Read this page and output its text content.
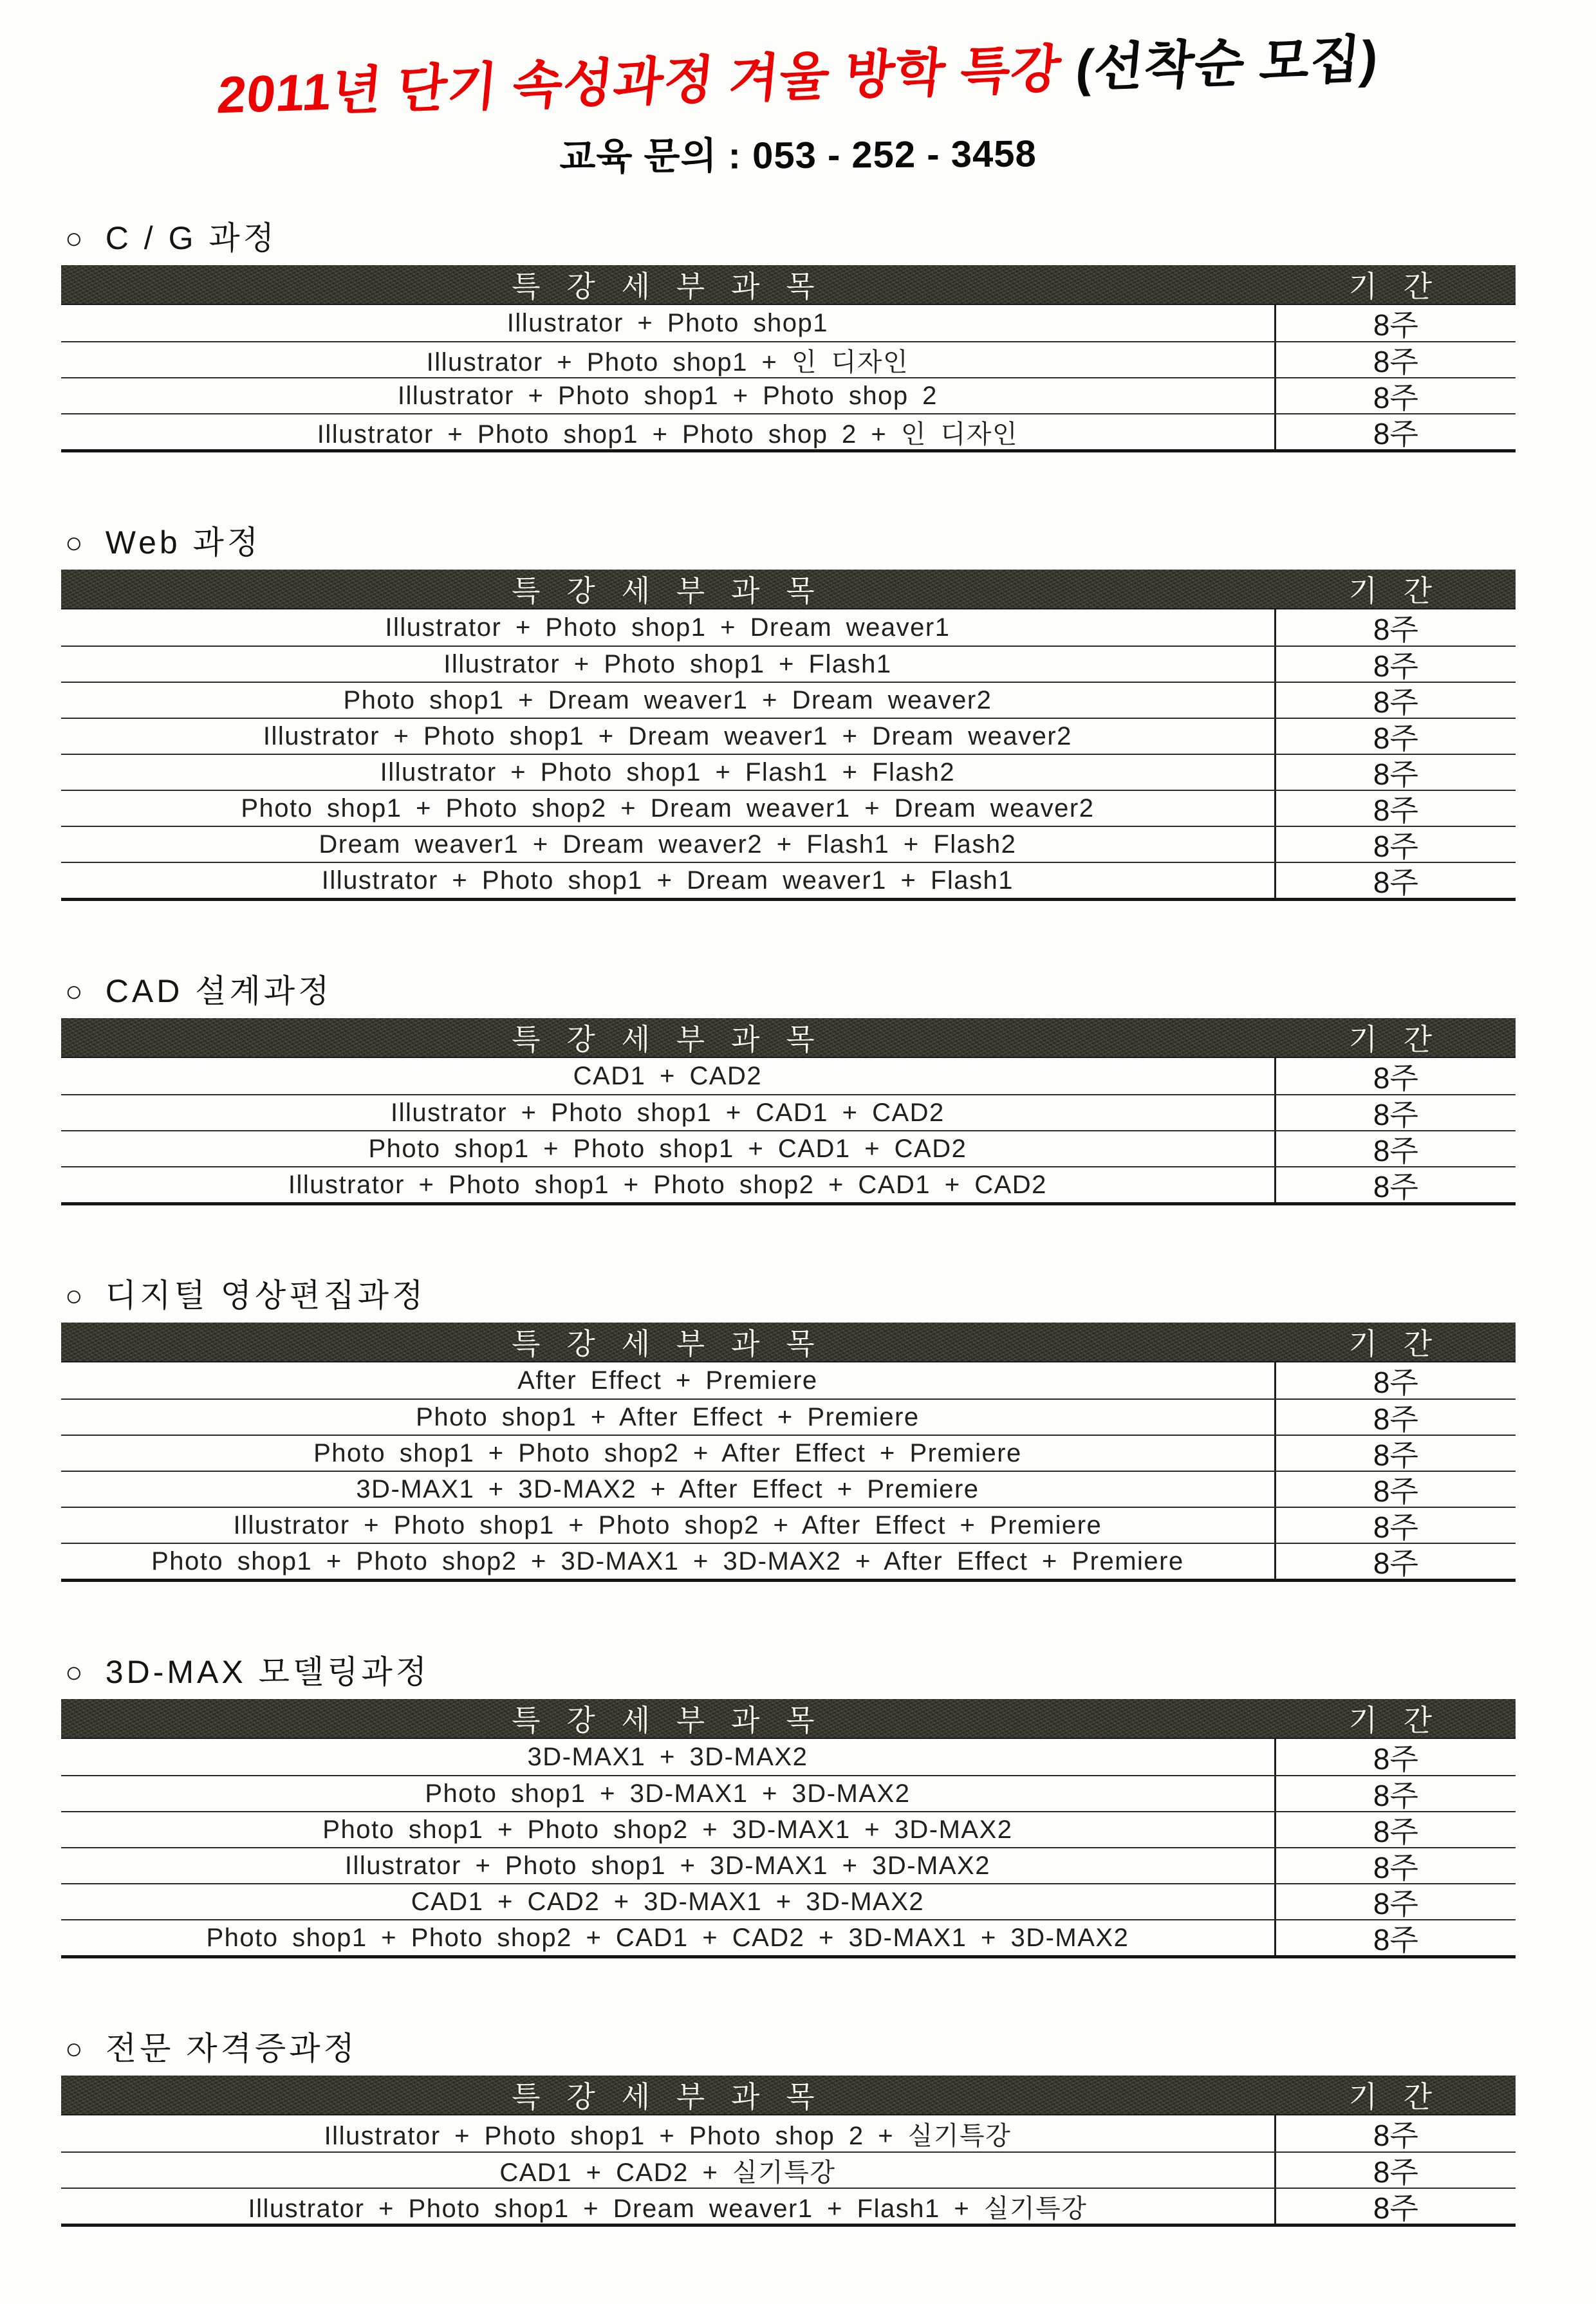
2011년 단기 속성과정 겨울 방학 특강 (선착순 모집)
교육 문의 : 053 - 252 - 3458
○ C / G 과정
특 강 세 부 과 목	기 간
Illustrator + Photo shop1	8주
Illustrator + Photo shop1 + 인 디자인	8주
Illustrator + Photo shop1 + Photo shop 2	8주
Illustrator + Photo shop1 + Photo shop 2 + 인 디자인	8주
○ Web 과정
특 강 세 부 과 목	기 간
Illustrator + Photo shop1 + Dream weaver1	8주
Illustrator + Photo shop1 + Flash1	8주
Photo shop1 + Dream weaver1 + Dream weaver2	8주
Illustrator + Photo shop1 + Dream weaver1 + Dream weaver2	8주
Illustrator + Photo shop1 + Flash1 + Flash2	8주
Photo shop1 + Photo shop2 + Dream weaver1 + Dream weaver2	8주
Dream weaver1 + Dream weaver2 + Flash1 + Flash2	8주
Illustrator + Photo shop1 + Dream weaver1 + Flash1	8주
○ CAD 설계과정
특 강 세 부 과 목	기 간
CAD1 + CAD2	8주
Illustrator + Photo shop1 + CAD1 + CAD2	8주
Photo shop1 + Photo shop1 + CAD1 + CAD2	8주
Illustrator + Photo shop1 + Photo shop2 + CAD1 + CAD2	8주
○ 디지털 영상편집과정
특 강 세 부 과 목	기 간
After Effect + Premiere	8주
Photo shop1 + After Effect + Premiere	8주
Photo shop1 + Photo shop2 + After Effect + Premiere	8주
3D-MAX1 + 3D-MAX2 + After Effect + Premiere	8주
Illustrator + Photo shop1 + Photo shop2 + After Effect + Premiere	8주
Photo shop1 + Photo shop2 + 3D-MAX1 + 3D-MAX2 + After Effect + Premiere	8주
○ 3D-MAX 모델링과정
특 강 세 부 과 목	기 간
3D-MAX1 + 3D-MAX2	8주
Photo shop1 + 3D-MAX1 + 3D-MAX2	8주
Photo shop1 + Photo shop2 + 3D-MAX1 + 3D-MAX2	8주
Illustrator + Photo shop1 + 3D-MAX1 + 3D-MAX2	8주
CAD1 + CAD2 + 3D-MAX1 + 3D-MAX2	8주
Photo shop1 + Photo shop2 + CAD1 + CAD2 + 3D-MAX1 + 3D-MAX2	8주
○ 전문 자격증과정
특 강 세 부 과 목	기 간
Illustrator + Photo shop1 + Photo shop 2 + 실기특강	8주
CAD1 + CAD2 + 실기특강	8주
Illustrator + Photo shop1 + Dream weaver1 + Flash1 + 실기특강	8주
